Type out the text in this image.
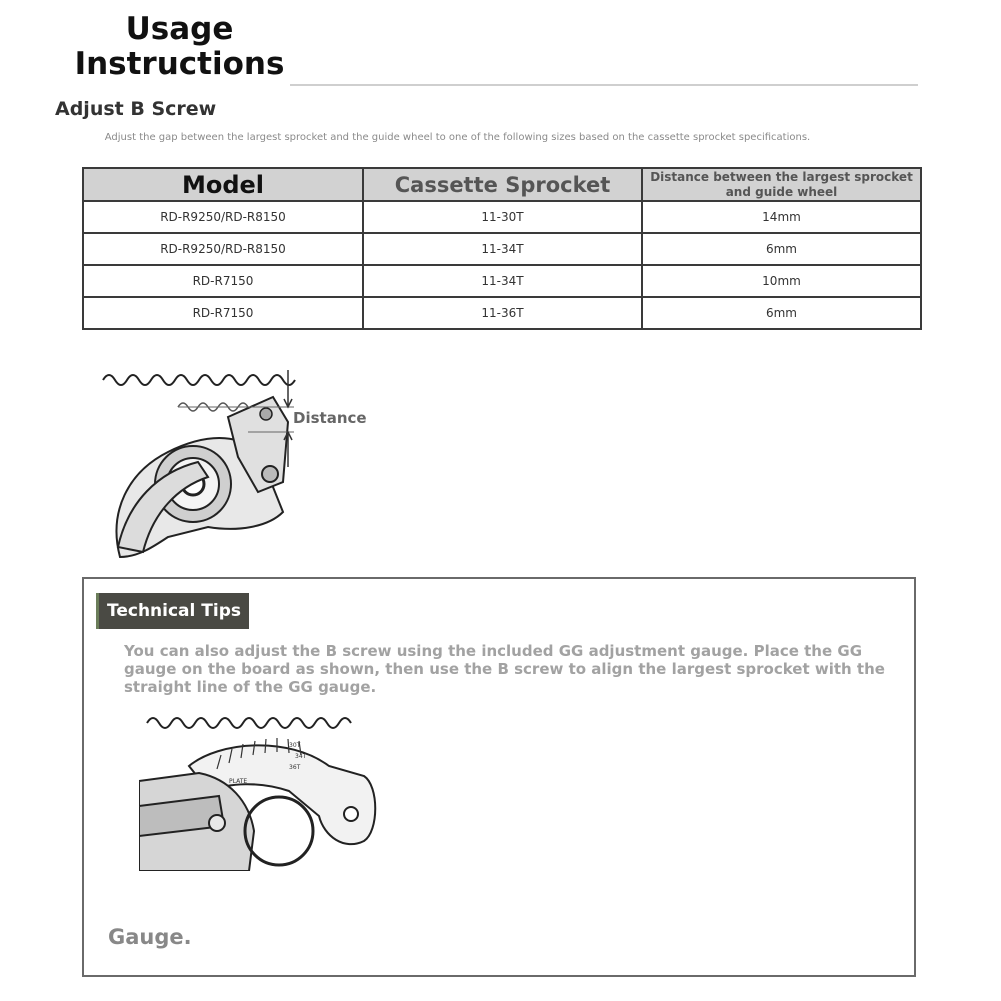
Usage
Instructions
Adjust B Screw
Adjust the gap between the largest sprocket and the guide wheel to one of the following sizes based on the cassette sprocket specifications.
Model	Cassette Sprocket	Distance between the largest sprocket
and guide wheel

RD-R9250/RD-R8150	11-30T	14mm
RD-R9250/RD-R8150	11-34T	6mm
RD-R7150	11-34T	10mm
RD-R7150	11-36T	6mm
Distance
Technical Tips
You can also adjust the B screw using the included GG adjustment gauge. Place the GG gauge on the board as shown, then use the B screw to align the largest sprocket with the straight line of the GG gauge.
PLATE
36T
34T
30T
Gauge.
